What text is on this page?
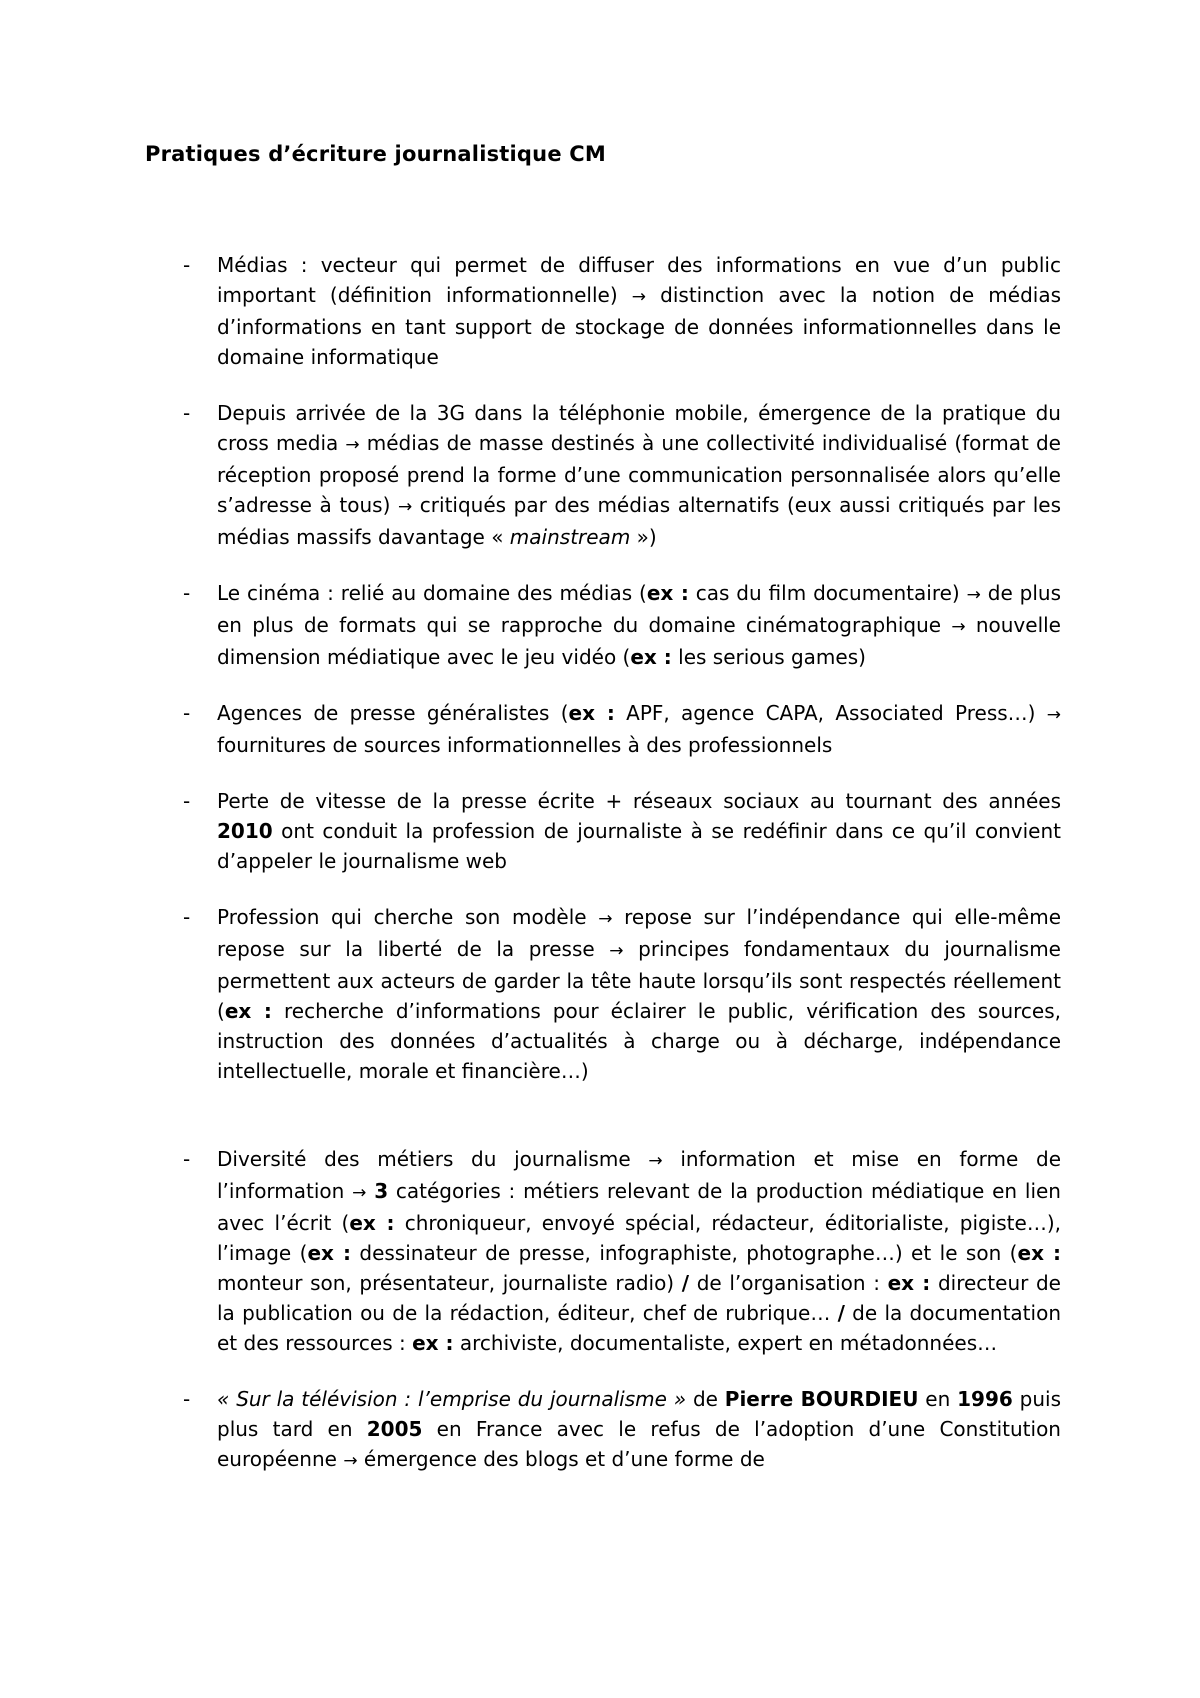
Pratiques d’écriture journalistique CM
- Médias : vecteur qui permet de diffuser des informations en vue d’un public important (définition informationnelle) → distinction avec la notion de médias d’informations en tant support de stockage de données informationnelles dans le domaine informatique

- Depuis arrivée de la 3G dans la téléphonie mobile, émergence de la pratique du cross media → médias de masse destinés à une collectivité individualisé (format de réception proposé prend la forme d’une communication personnalisée alors qu’elle s’adresse à tous) → critiqués par des médias alternatifs (eux aussi critiqués par les médias massifs davantage « mainstream »)

- Le cinéma : relié au domaine des médias (ex : cas du film documentaire) → de plus en plus de formats qui se rapproche du domaine cinématographique → nouvelle dimension médiatique avec le jeu vidéo (ex : les serious games)

- Agences de presse généralistes (ex : APF, agence CAPA, Associated Press…) → fournitures de sources informationnelles à des professionnels

- Perte de vitesse de la presse écrite + réseaux sociaux au tournant des années 2010 ont conduit la profession de journaliste à se redéfinir dans ce qu’il convient d’appeler le journalisme web

- Profession qui cherche son modèle → repose sur l’indépendance qui elle-même repose sur la liberté de la presse → principes fondamentaux du journalisme permettent aux acteurs de garder la tête haute lorsqu’ils sont respectés réellement (ex : recherche d’informations pour éclairer le public, vérification des sources, instruction des données d’actualités à charge ou à décharge, indépendance intellectuelle, morale et financière…)

- Diversité des métiers du journalisme → information et mise en forme de l’information → 3 catégories : métiers relevant de la production médiatique en lien avec l’écrit (ex : chroniqueur, envoyé spécial, rédacteur, éditorialiste, pigiste…), l’image (ex : dessinateur de presse, infographiste, photographe…) et le son (ex : monteur son, présentateur, journaliste radio) / de l’organisation : ex : directeur de la publication ou de la rédaction, éditeur, chef de rubrique… / de la documentation et des ressources : ex : archiviste, documentaliste, expert en métadonnées…

- « Sur la télévision : l’emprise du journalisme » de Pierre BOURDIEU en 1996 puis plus tard en 2005 en France avec le refus de l’adoption d’une Constitution européenne → émergence des blogs et d’une forme de
